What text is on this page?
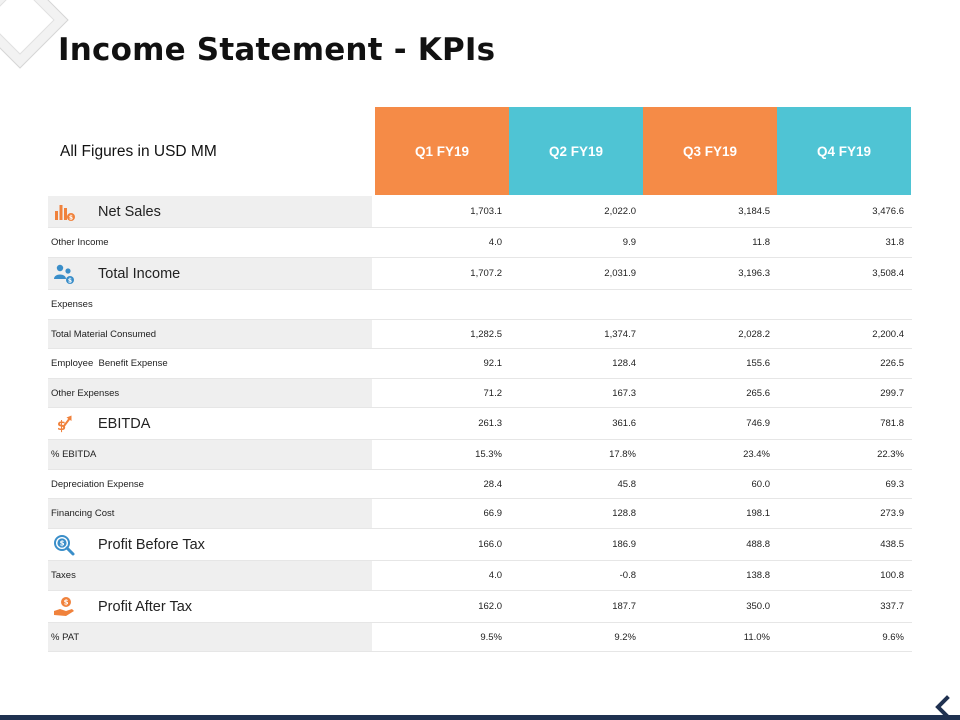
Income Statement - KPIs
All Figures in USD MM	Q1 FY19	Q2 FY19	Q3 FY19	Q4 FY19
$ Net Sales	1,703.1	2,022.0	3,184.5	3,476.6
Other Income	4.0	9.9	11.8	31.8
$ Total Income	1,707.2	2,031.9	3,196.3	3,508.4
Expenses
Total Material Consumed	1,282.5	1,374.7	2,028.2	2,200.4
Employee  Benefit Expense	92.1	128.4	155.6	226.5
Other Expenses	71.2	167.3	265.6	299.7
$ EBITDA	261.3	361.6	746.9	781.8
% EBITDA	15.3%	17.8%	23.4%	22.3%
Depreciation Expense	28.4	45.8	60.0	69.3
Financing Cost	66.9	128.8	198.1	273.9
$ Profit Before Tax	166.0	186.9	488.8	438.5
Taxes	4.0	-0.8	138.8	100.8
$ Profit After Tax	162.0	187.7	350.0	337.7
% PAT	9.5%	9.2%	11.0%	9.6%
